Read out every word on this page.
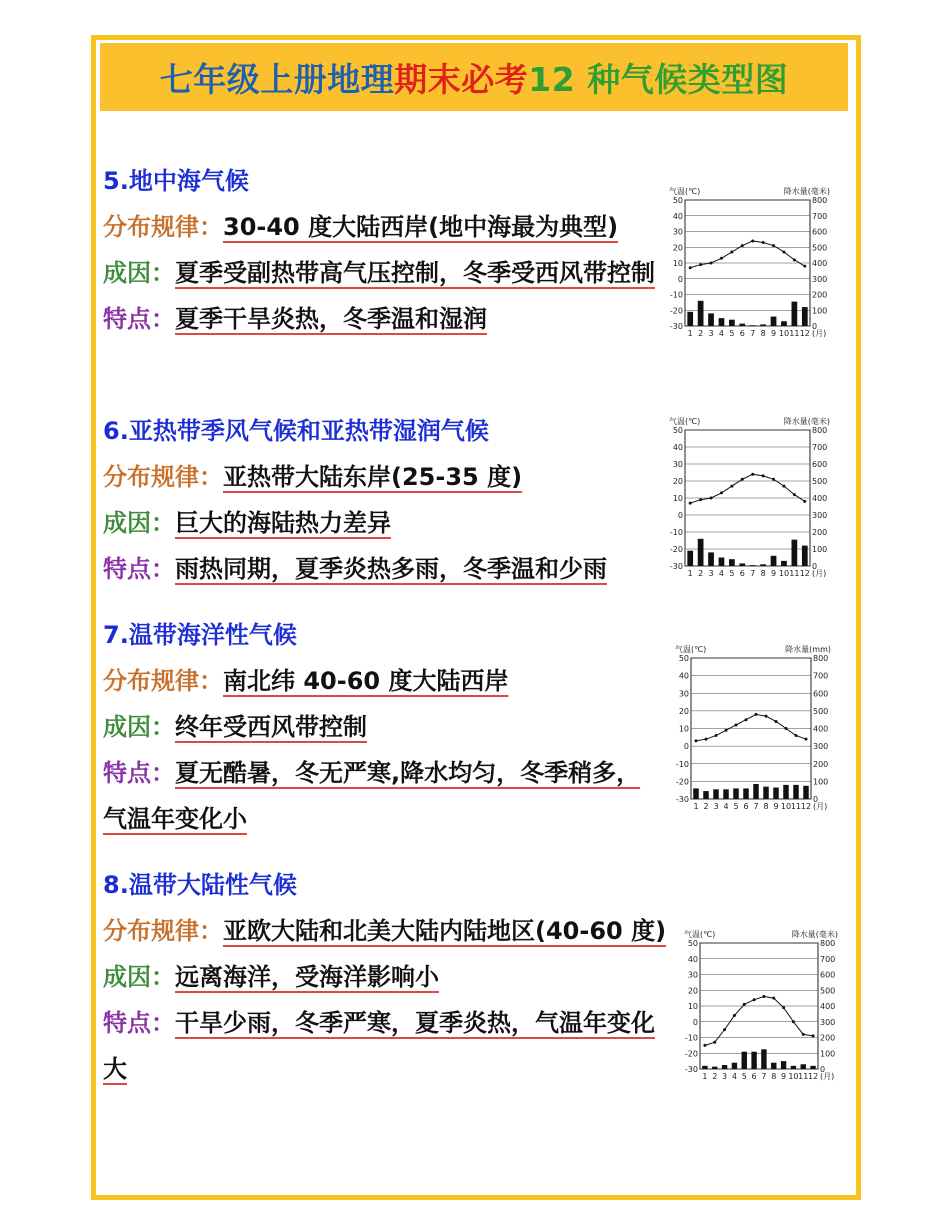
七年级上册地理 期末必考 12 种气候类型图
5.地中海气候
分布规律：30-40 度大陆西岸(地中海最为典型)
成因：夏季受副热带高气压控制，冬季受西风带控制
特点：夏季干旱炎热，冬季温和湿润
6.亚热带季风气候和亚热带湿润气候
分布规律：亚热带大陆东岸(25-35 度)
成因：巨大的海陆热力差异
特点：雨热同期，夏季炎热多雨，冬季温和少雨
7.温带海洋性气候
分布规律：南北纬 40-60 度大陆西岸
成因：终年受西风带控制
特点：夏无酷暑，冬无严寒,降水均匀，冬季稍多，气温年变化小
8.温带大陆性气候
分布规律：亚欧大陆和北美大陆内陆地区(40-60 度)
成因：远离海洋，受海洋影响小
特点：干旱少雨，冬季严寒，夏季炎热，气温年变化大
-30
-20
-10
0
10
20
30
40
50
0
100
200
300
400
500
600
700
800
气温(℃)	降水量(毫米)
1 2 3 4 5 6 7 8 9 10 11 12 (月)
-30
-20
-10
0
10
20
30
40
50
0
100
200
300
400
500
600
700
800
气温(℃)	降水量(毫米)
1 2 3 4 5 6 7 8 9 10 11 12 (月)
-30
-20
-10
0
10
20
30
40
50
0
100
200
300
400
500
600
700
800
气温(℃)	降水量(mm)
1 2 3 4 5 6 7 8 9 10 11 12 (月)
-30
-20
-10
0
10
20
30
40
50
0
100
200
300
400
500
600
700
800
气温(℃)	降水量(毫米)
1 2 3 4 5 6 7 8 9 10 11 12 (月)
